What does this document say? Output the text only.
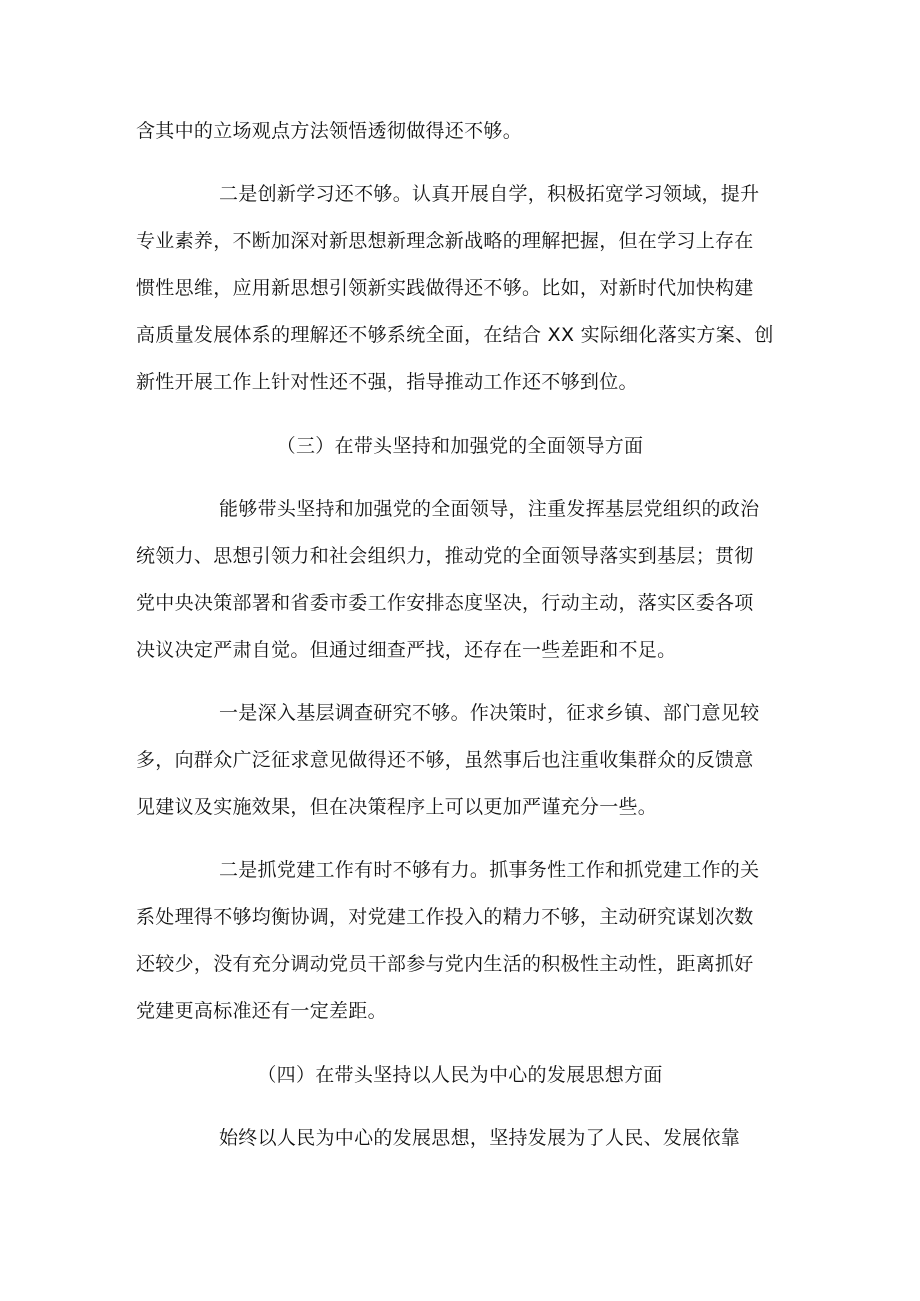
含其中的立场观点方法领悟透彻做得还不够。
二是创新学习还不够。认真开展自学，积极拓宽学习领域，提升
专业素养，不断加深对新思想新理念新战略的理解把握，但在学习上存在
惯性思维，应用新思想引领新实践做得还不够。比如，对新时代加快构建
高质量发展体系的理解还不够系统全面，在结合 XX 实际细化落实方案、创
新性开展工作上针对性还不强，指导推动工作还不够到位。
（三）在带头坚持和加强党的全面领导方面
能够带头坚持和加强党的全面领导，注重发挥基层党组织的政治
统领力、思想引领力和社会组织力，推动党的全面领导落实到基层；贯彻
党中央决策部署和省委市委工作安排态度坚决，行动主动，落实区委各项
决议决定严肃自觉。但通过细查严找，还存在一些差距和不足。
一是深入基层调查研究不够。作决策时，征求乡镇、部门意见较
多，向群众广泛征求意见做得还不够，虽然事后也注重收集群众的反馈意
见建议及实施效果，但在决策程序上可以更加严谨充分一些。
二是抓党建工作有时不够有力。抓事务性工作和抓党建工作的关
系处理得不够均衡协调，对党建工作投入的精力不够，主动研究谋划次数
还较少，没有充分调动党员干部参与党内生活的积极性主动性，距离抓好
党建更高标准还有一定差距。
（四）在带头坚持以人民为中心的发展思想方面
始终以人民为中心的发展思想，坚持发展为了人民、发展依靠
